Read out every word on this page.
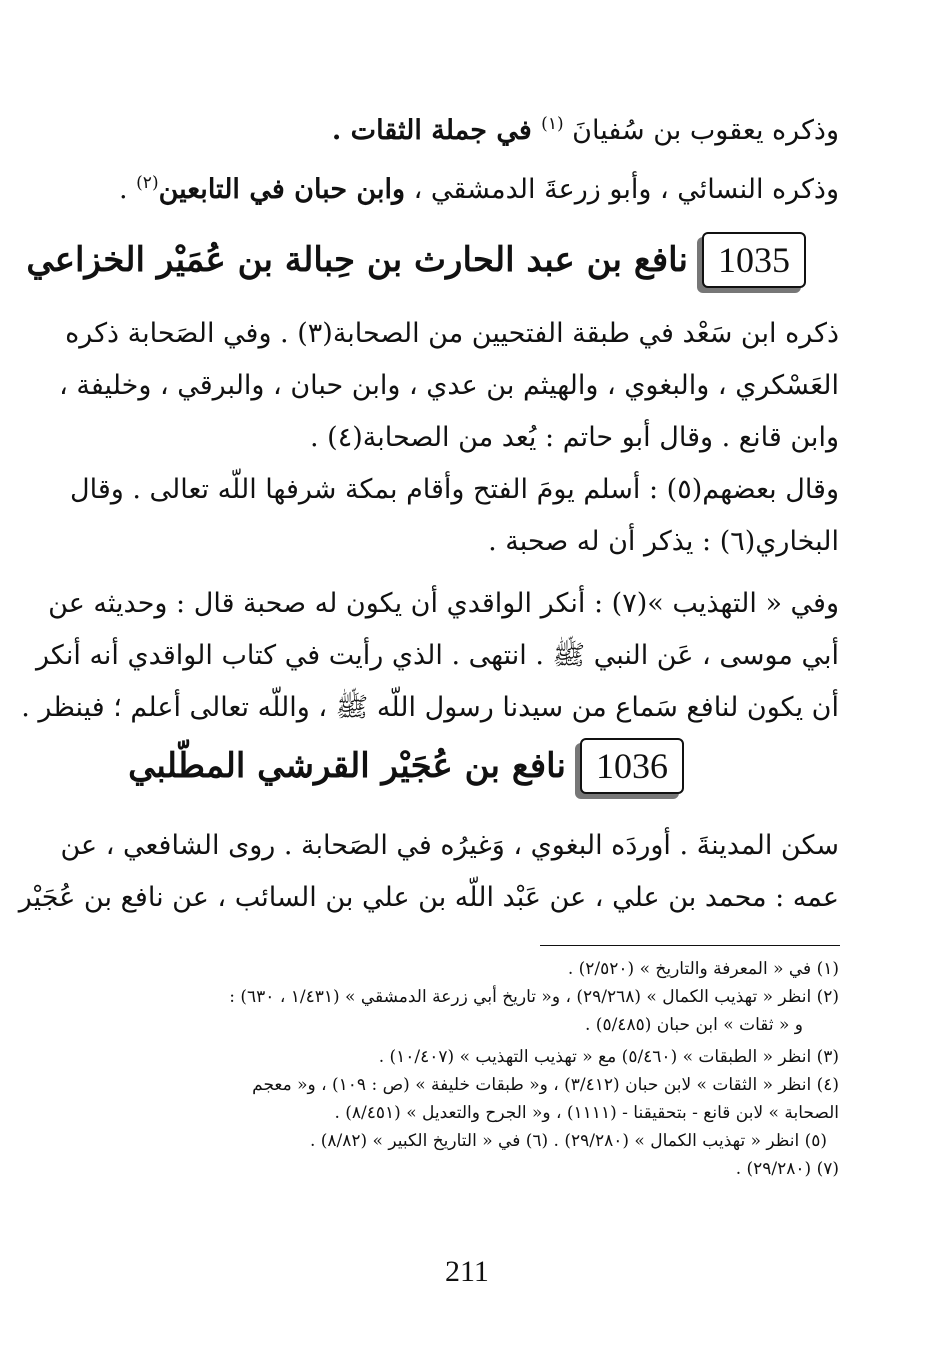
وذكره يعقوب بن سُفيانَ $^{(١)}$ في جملة الثقات .
وذكره النسائي ، وأبو زرعةَ الدمشقي ، وابن حبان في التابعين$^{(٢)}$ .
1035
نافع بن عبد الحارث بن حِبالة بن عُمَيْر الخزاعي
ذكره ابن سَعْد في طبقة الفتحيين من الصحابة(٣) . وفي الصَحابة ذكره
العَسْكري ، والبغوي ، والهيثم بن عدي ، وابن حبان ، والبرقي ، وخليفة ،
وابن قانع . وقال أبو حاتم : يُعد من الصحابة(٤) .
وقال بعضهم(٥) : أسلم يومَ الفتح وأقام بمكة شرفها اللّه تعالى . وقال
البخاري(٦) : يذكر أن له صحبة .
وفي « التهذيب »(٧) : أنكر الواقدي أن يكون له صحبة قال : وحديثه عن
أبي موسى ، عَن النبي ﷺ . انتهى . الذي رأيت في كتاب الواقدي أنه أنكر
أن يكون لنافع سَماع من سيدنا رسول اللّه ﷺ ، واللّه تعالى أعلم ؛ فينظر .
1036
نافع بن عُجَيْر القرشي المطّلبي
سكن المدينةَ . أوردَه البغوي ، وَغيرُه في الصَحابة . روى الشافعي ، عن
عمه : محمد بن علي ، عن عَبْد اللّه بن علي بن السائب ، عن نافع بن عُجَيْر
(١) في « المعرفة والتاريخ » (٢/٥٢٠) .
(٢) انظر « تهذيب الكمال » (٢٩/٢٦٨) ، و« تاريخ أبي زرعة الدمشقي » (١/٤٣١ ، ٦٣٠) :
و « ثقات » ابن حبان (٥/٤٨٥) .
(٣) انظر « الطبقات » (٥/٤٦٠) مع « تهذيب التهذيب » (١٠/٤٠٧) .
(٤) انظر « الثقات » لابن حبان (٣/٤١٢) ، و« طبقات خليفة » (ص : ١٠٩) ، و« معجم
الصحابة » لابن قانع - بتحقيقنا - (١١١١) ، و« الجرح والتعديل » (٨/٤٥١) .
(٥) انظر « تهذيب الكمال » (٢٩/٢٨٠) . (٦) في « التاريخ الكبير » (٨/٨٢) .
(٧) (٢٩/٢٨٠) .
211
